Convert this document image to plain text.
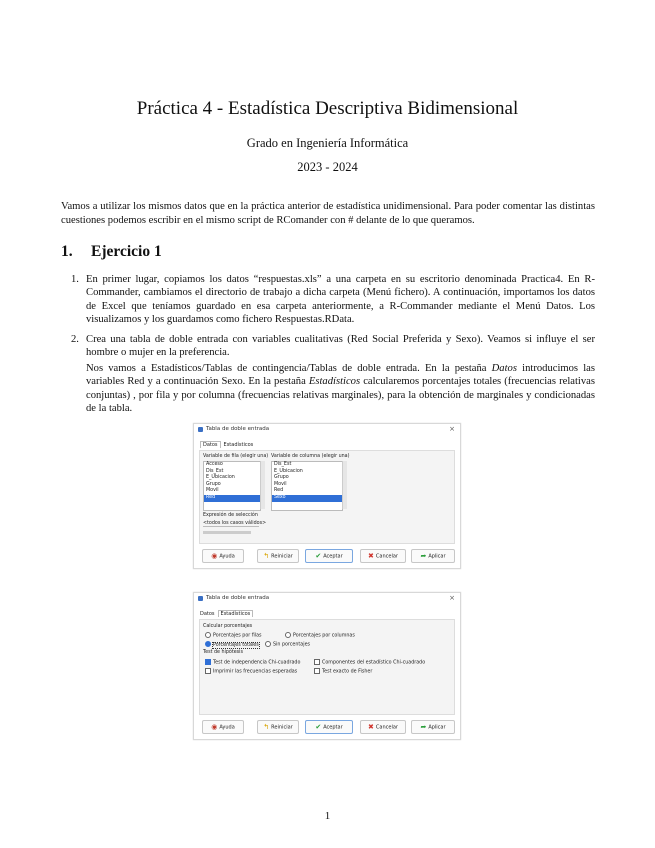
Práctica 4 - Estadística Descriptiva Bidimensional
Grado en Ingeniería Informática
2023 - 2024
Vamos a utilizar los mismos datos que en la práctica anterior de estadística unidimensional. Para poder comentar las distintas cuestiones podemos escribir en el mismo script de RComander con # delante de lo que queramos.
1. Ejercicio 1
1. En primer lugar, copiamos los datos “respuestas.xls” a una carpeta en su escritorio denominada Practica4. En R-Commander, cambiamos el directorio de trabajo a dicha carpeta (Menú fichero). A continuación, importamos los datos de Excel que teníamos guardado en esa carpeta anteriormente, a R-Commander mediante el Menú Datos. Los visualizamos y los guardamos como fichero Respuestas.RData.
2. Crea una tabla de doble entrada con variables cualitativas (Red Social Preferida y Sexo). Veamos si influye el ser hombre o mujer en la preferencia.
Nos vamos a Estadísticos/Tablas de contingencia/Tablas de doble entrada. En la pestaña Datos introducimos las variables Red y a continuación Sexo. En la pestaña Estadísticos calcularemos porcentajes totales (frecuencias relativas conjuntas) , por fila y por columna (frecuencias relativas marginales), para la obtención de marginales y condicionadas de la tabla.
Tabla de doble entrada	×
Datos Estadísticos
Variable de fila (elegir una) Variable de columna (elegir una)
Acceso
Dis_Est
E_Ubicacion
Grupo
Movil
Red
Dis_Est
E_Ubicacion
Grupo
Movil
Red
Sexo
Expresión de selección
<todos los casos válidos>
◉ Ayuda	↰ Reiniciar	✔ Aceptar	✖ Cancelar	➦ Aplicar
Tabla de doble entrada	×
Datos Estadísticos
Calcular porcentajes
Porcentajes por filas	Porcentajes por columnas
Porcentajes totales	Sin porcentajes
Test de hipótesis
Test de independencia Chi-cuadrado	Componentes del estadístico Chi-cuadrado
Imprimir las frecuencias esperadas	Test exacto de Fisher
◉ Ayuda	↰ Reiniciar	✔ Aceptar	✖ Cancelar	➦ Aplicar
1
